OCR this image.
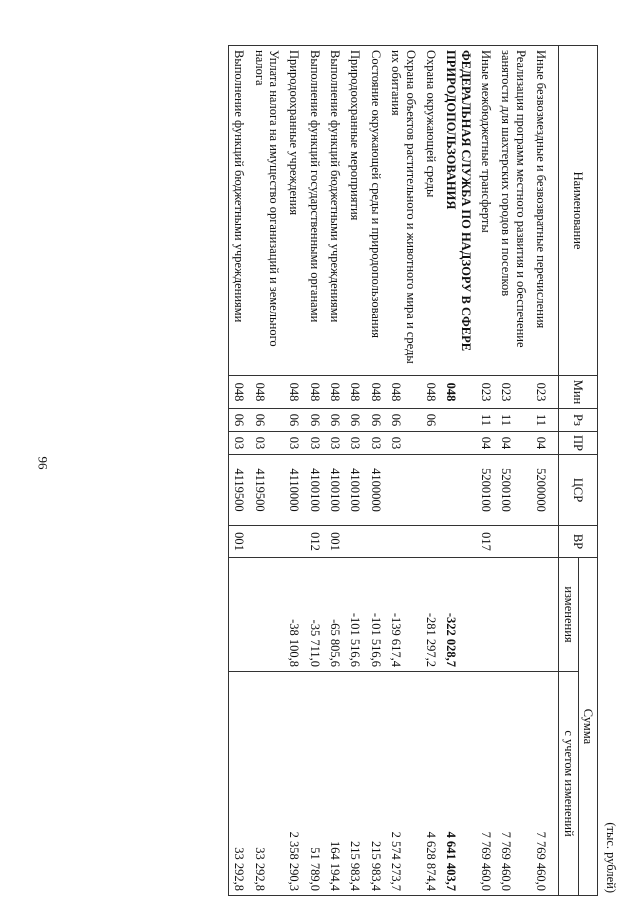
96
(тыс. рублей)
Наименование	Мин	Рз	ПР	ЦСР	ВР	Сумма	
						изменения	с учетом изменений
Иные безвозмездные и безвозвратные перечисления	023	11	04	5200000			7 769 460,0
Реализация программ местного развития и обеспечение занятости для шахтерских городов и поселков	023	11	04	5200100			7 769 460,0
Иные межбюджетные трансферты	023	11	04	5200100	017		7 769 460,0
ФЕДЕРАЛЬНАЯ СЛУЖБА ПО НАДЗОРУ В СФЕРЕ ПРИРОДОПОЛЬЗОВАНИЯ	048					-322 028,7	4 641 403,7
Охрана окружающей среды	048	06				-281 297,2	4 628 874,4
Охрана объектов растительного и животного мира и среды их обитания	048	06	03			-139 617,4	2 574 273,7
Состояние окружающей среды и природопользования	048	06	03	4100000		-101 516,6	215 983,4
Природоохранные мероприятия	048	06	03	4100100		-101 516,6	215 983,4
Выполнение функций бюджетными учреждениями	048	06	03	4100100	001	-65 805,6	164 194,4
Выполнение функций государственными органами	048	06	03	4100100	012	-35 711,0	51 789,0
Природоохранные учреждения	048	06	03	4110000		-38 100,8	2 358 290,3
Уплата налога на имущество организаций и земельного налога	048	06	03	4119500			33 292,8
Выполнение функций бюджетными учреждениями	048	06	03	4119500	001		33 292,8
